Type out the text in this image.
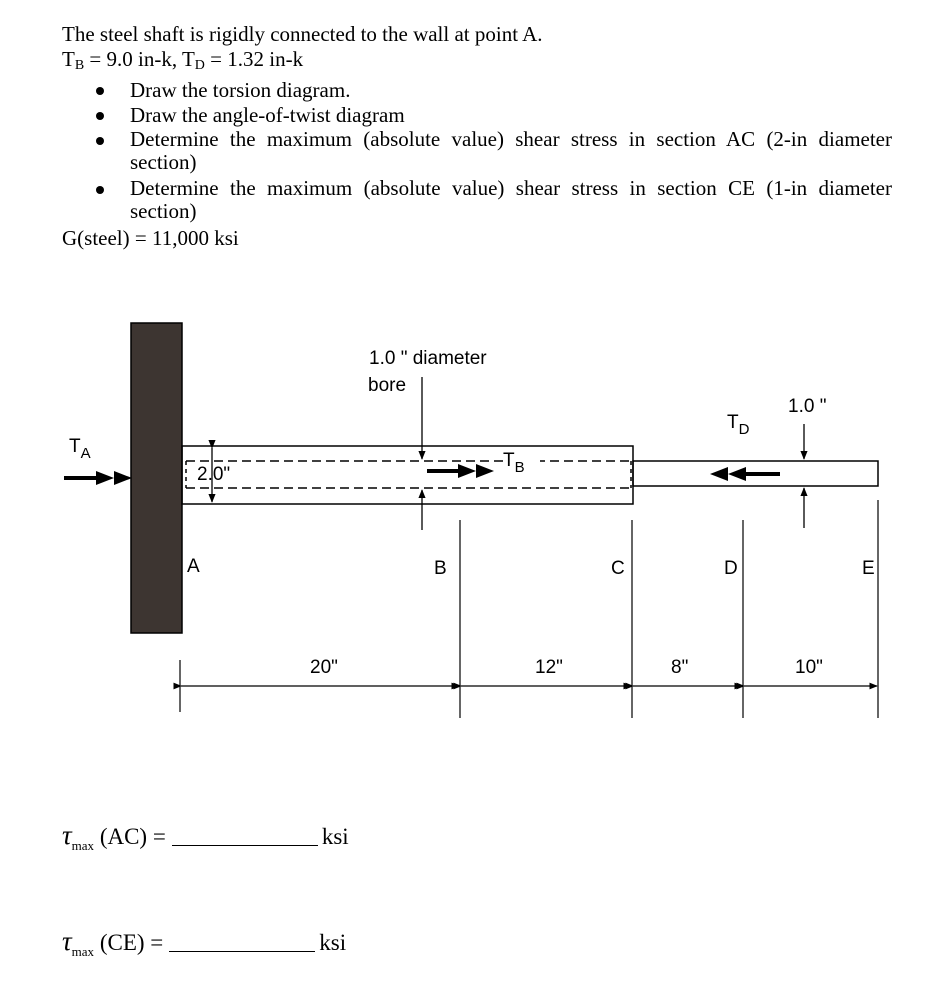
The steel shaft is rigidly connected to the wall at point A.

$T_B = 9.0$ in-k, $T_D = 1.32$ in-k

Draw the torsion diagram.
Draw the angle-of-twist diagram
Determine the maximum (absolute value) shear stress in section AC (2-in diameter section)
Determine the maximum (absolute value) shear stress in section CE (1-in diameter section)

G(steel) = 11,000 ksi

2.0"
1.0 " diameter
bore
1.0 "
$T_A$	$T_B$
$T_D$
A	B	C	D	E
20"	12"	8"	10"
$\tau_{max}$ (AC) =	ksi
$\tau_{max}$ (CE) =	ksi
